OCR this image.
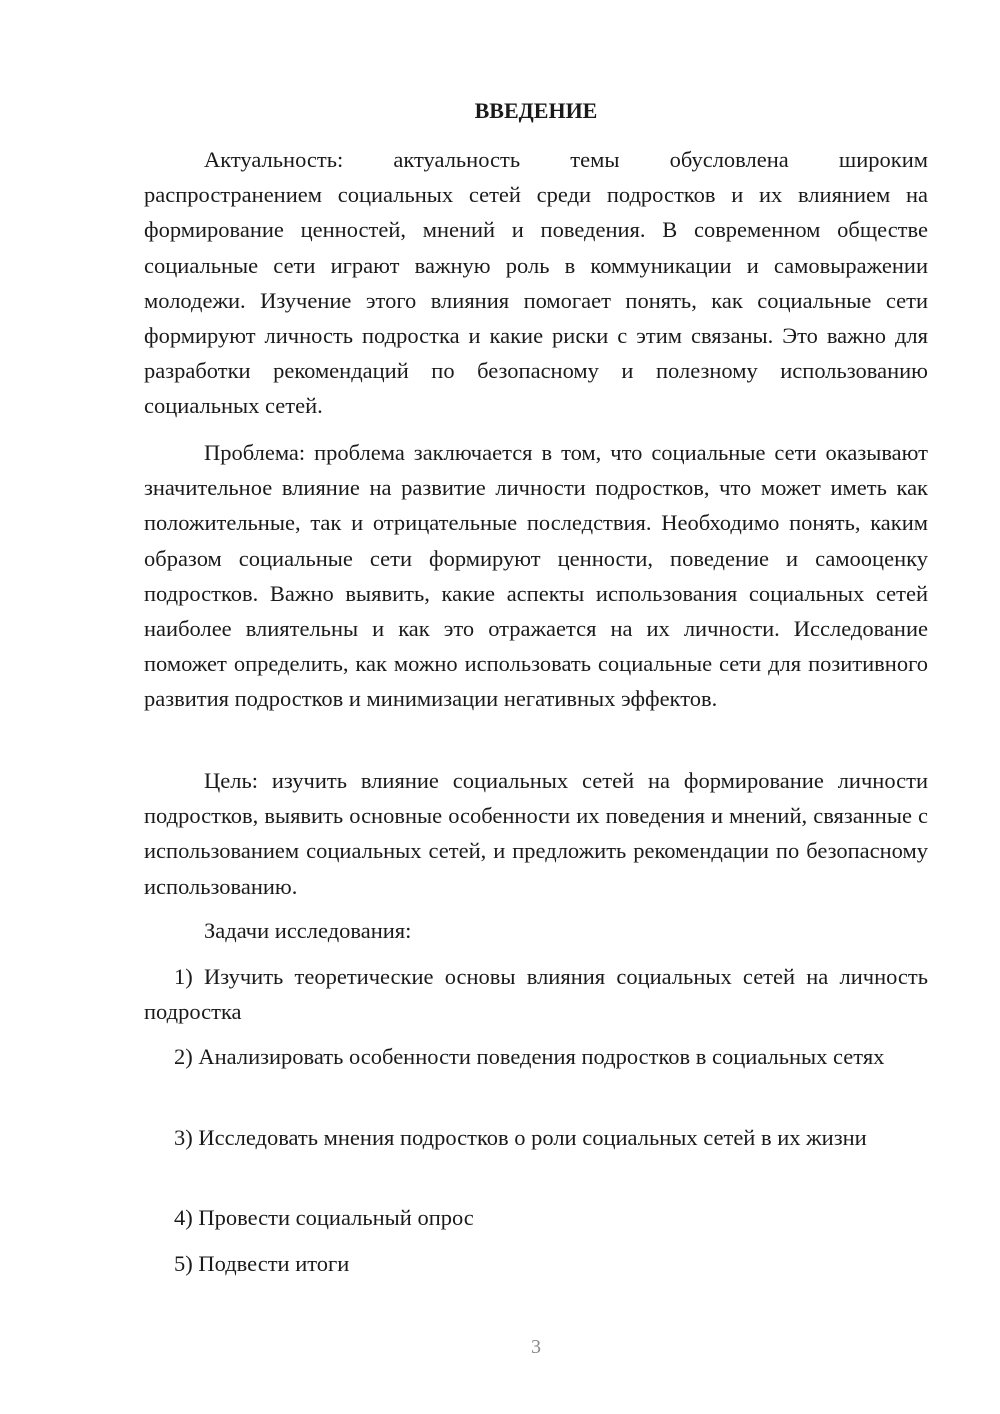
ВВЕДЕНИЕ

Актуальность: актуальность темы обусловлена широким распространением социальных сетей среди подростков и их влиянием на формирование ценностей, мнений и поведения. В современном обществе социальные сети играют важную роль в коммуникации и самовыражении молодежи. Изучение этого влияния помогает понять, как социальные сети формируют личность подростка и какие риски с этим связаны. Это важно для разработки рекомендаций по безопасному и полезному использованию социальных сетей.

Проблема: проблема заключается в том, что социальные сети оказывают значительное влияние на развитие личности подростков, что может иметь как положительные, так и отрицательные последствия. Необходимо понять, каким образом социальные сети формируют ценности, поведение и самооценку подростков. Важно выявить, какие аспекты использования социальных сетей наиболее влиятельны и как это отражается на их личности. Исследование поможет определить, как можно использовать социальные сети для позитивного развития подростков и минимизации негативных эффектов.

Цель: изучить влияние социальных сетей на формирование личности подростков, выявить основные особенности их поведения и мнений, связанные с использованием социальных сетей, и предложить рекомендации по безопасному использованию.

Задачи исследования:

1) Изучить теоретические основы влияния социальных сетей на личность подростка

2) Анализировать особенности поведения подростков в социальных сетях

3) Исследовать мнения подростков о роли социальных сетей в их жизни

4) Провести социальный опрос

5) Подвести итоги

3
